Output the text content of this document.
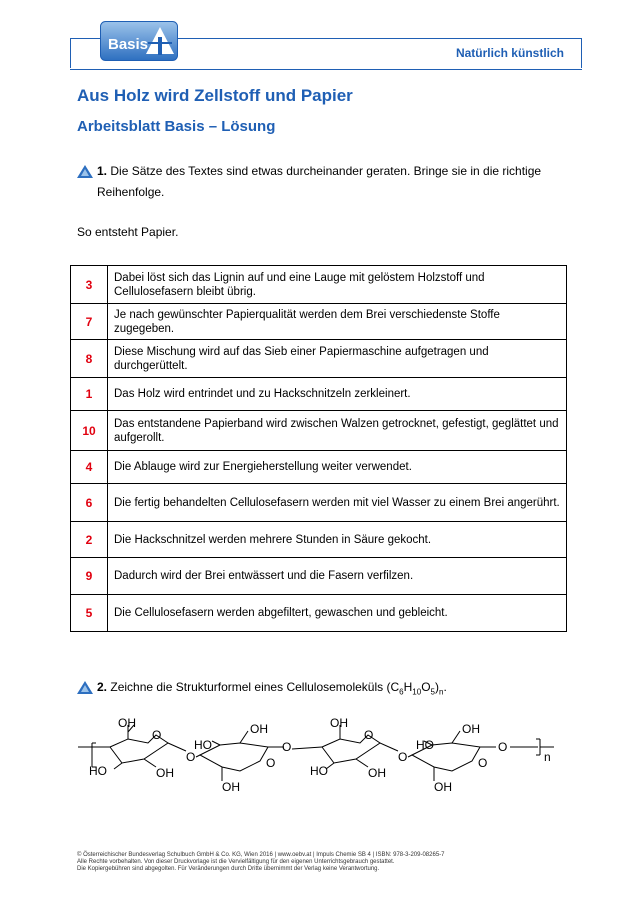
Basis	Natürlich künstlich
Aus Holz wird Zellstoff und Papier
Arbeitsblatt Basis – Lösung
1. Die Sätze des Textes sind etwas durcheinander geraten. Bringe sie in die richtige
Reihenfolge.
So entsteht Papier.
3	Dabei löst sich das Lignin auf und eine Lauge mit gelöstem Holzstoff und Cellulosefasern bleibt übrig.
7	Je nach gewünschter Papierqualität werden dem Brei verschiedenste Stoffe zugegeben.
8	Diese Mischung wird auf das Sieb einer Papiermaschine aufgetragen und durchgerüttelt.
1	Das Holz wird entrindet und zu Hackschnitzeln zerkleinert.
10	Das entstandene Papierband wird zwischen Walzen getrocknet, gefestigt, geglättet und aufgerollt.
4	Die Ablauge wird zur Energieherstellung weiter verwendet.
6	Die fertig behandelten Cellulosefasern werden mit viel Wasser zu einem Brei angerührt.
2	Die Hackschnitzel werden mehrere Stunden in Säure gekocht.
9	Dadurch wird der Brei entwässert und die Fasern verfilzen.
5	Die Cellulosefasern werden abgefiltert, gewaschen und gebleicht.
2. Zeichne die Strukturformel eines Cellulosemoleküls $(C_6H_{10}O_5)_n$.
OH
O
HO	OH
O
HO
OH
O
OH
O
OH
O
HO	OH
O
HO
OH
O
OH
O
n
© Österreichischer Bundesverlag Schulbuch GmbH & Co. KG, Wien 2016 | www.oebv.at | Impuls Chemie SB 4 | ISBN: 978-3-209-08265-7
Alle Rechte vorbehalten. Von dieser Druckvorlage ist die Vervielfältigung für den eigenen Unterrichtsgebrauch gestattet.
Die Kopiergebühren sind abgegolten. Für Veränderungen durch Dritte übernimmt der Verlag keine Verantwortung.
